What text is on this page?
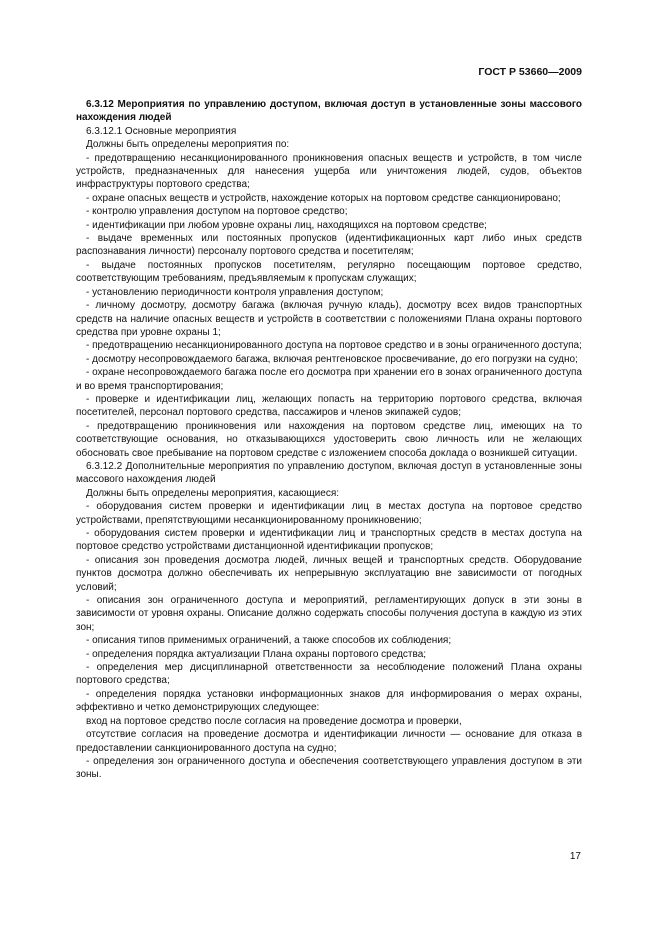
ГОСТ Р 53660—2009

6.3.12 Мероприятия по управлению доступом, включая доступ в установленные зоны массового нахождения людей

6.3.12.1 Основные мероприятия

Должны быть определены мероприятия по:

- предотвращению несанкционированного проникновения опасных веществ и устройств, в том числе устройств, предназначенных для нанесения ущерба или уничтожения людей, судов, объектов инфраструктуры портового средства;

- охране опасных веществ и устройств, нахождение которых на портовом средстве санкционировано;

- контролю управления доступом на портовое средство;

- идентификации при любом уровне охраны лиц, находящихся на портовом средстве;

- выдаче временных или постоянных пропусков (идентификационных карт либо иных средств распознавания личности) персоналу портового средства и посетителям;

- выдаче постоянных пропусков посетителям, регулярно посещающим портовое средство, соответствующим требованиям, предъявляемым к пропускам служащих;

- установлению периодичности контроля управления доступом;

- личному досмотру, досмотру багажа (включая ручную кладь), досмотру всех видов транспортных средств на наличие опасных веществ и устройств в соответствии с положениями Плана охраны портового средства при уровне охраны 1;

- предотвращению несанкционированного доступа на портовое средство и в зоны ограниченного доступа;

- досмотру несопровождаемого багажа, включая рентгеновское просвечивание, до его погрузки на судно;

- охране несопровождаемого багажа после его досмотра при хранении его в зонах ограниченного доступа и во время транспортирования;

- проверке и идентификации лиц, желающих попасть на территорию портового средства, включая посетителей, персонал портового средства, пассажиров и членов экипажей судов;

- предотвращению проникновения или нахождения на портовом средстве лиц, имеющих на то соответствующие основания, но отказывающихся удостоверить свою личность или не желающих обосновать свое пребывание на портовом средстве с изложением способа доклада о возникшей ситуации.

6.3.12.2 Дополнительные мероприятия по управлению доступом, включая доступ в установленные зоны массового нахождения людей

Должны быть определены мероприятия, касающиеся:

- оборудования систем проверки и идентификации лиц в местах доступа на портовое средство устройствами, препятствующими несанкционированному проникновению;

- оборудования систем проверки и идентификации лиц и транспортных средств в местах доступа на портовое средство устройствами дистанционной идентификации пропусков;

- описания зон проведения досмотра людей, личных вещей и транспортных средств. Оборудование пунктов досмотра должно обеспечивать их непрерывную эксплуатацию вне зависимости от погодных условий;

- описания зон ограниченного доступа и мероприятий, регламентирующих допуск в эти зоны в зависимости от уровня охраны. Описание должно содержать способы получения доступа в каждую из этих зон;

- описания типов применимых ограничений, а также способов их соблюдения;

- определения порядка актуализации Плана охраны портового средства;

- определения мер дисциплинарной ответственности за несоблюдение положений Плана охраны портового средства;

- определения порядка установки информационных знаков для информирования о мерах охраны, эффективно и четко демонстрирующих следующее:

вход на портовое средство после согласия на проведение досмотра и проверки,

отсутствие согласия на проведение досмотра и идентификации личности — основание для отказа в предоставлении санкционированного доступа на судно;

- определения зон ограниченного доступа и обеспечения соответствующего управления доступом в эти зоны.

17
